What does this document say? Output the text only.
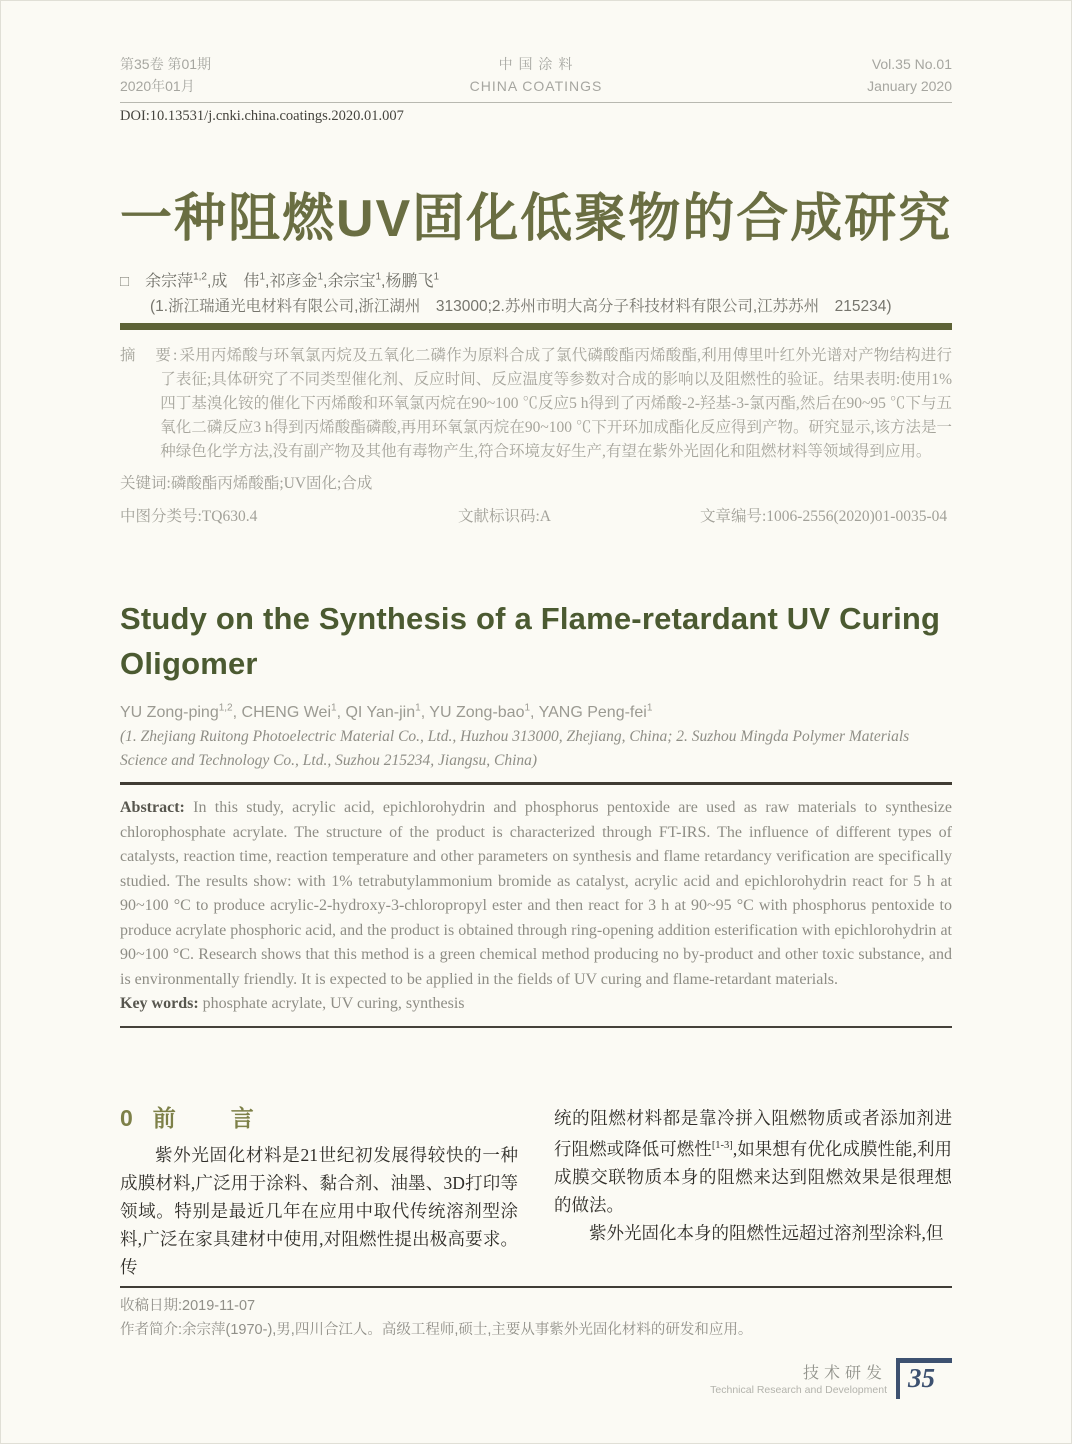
第35卷 第01期
2020年01月
中 国 涂 料
CHINA COATINGS
Vol.35 No.01
January 2020
DOI:10.13531/j.cnki.china.coatings.2020.01.007
一种阻燃UV固化低聚物的合成研究
□ 余宗萍$^{1,2}$,成　伟$^1$,祁彦金$^1$,余宗宝$^1$,杨鹏飞$^1$
(1.浙江瑞通光电材料有限公司,浙江湖州　313000;2.苏州市明大高分子科技材料有限公司,江苏苏州　215234)

摘　要:采用丙烯酸与环氧氯丙烷及五氧化二磷作为原料合成了氯代磷酸酯丙烯酸酯,利用傅里叶红外光谱对产物结构进行了表征;具体研究了不同类型催化剂、反应时间、反应温度等参数对合成的影响以及阻燃性的验证。结果表明:使用1%四丁基溴化铵的催化下丙烯酸和环氧氯丙烷在90~100 ℃反应5 h得到了丙烯酸-2-羟基-3-氯丙酯,然后在90~95 ℃下与五氧化二磷反应3 h得到丙烯酸酯磷酸,再用环氧氯丙烷在90~100 ℃下开环加成酯化反应得到产物。研究显示,该方法是一种绿色化学方法,没有副产物及其他有毒物产生,符合环境友好生产,有望在紫外光固化和阻燃材料等领域得到应用。

关键词:磷酸酯丙烯酸酯;UV固化;合成

中图分类号:TQ630.4	文献标识码:A	文章编号:1006-2556(2020)01-0035-04
Study on the Synthesis of a Flame-retardant UV Curing
Oligomer
YU Zong-ping$^{1,2}$, CHENG Wei$^1$, QI Yan-jin$^1$, YU Zong-bao$^1$, YANG Peng-fei$^1$
(1. Zhejiang Ruitong Photoelectric Material Co., Ltd., Huzhou 313000, Zhejiang, China; 2. Suzhou Mingda Polymer Materials Science and Technology Co., Ltd., Suzhou 215234, Jiangsu, China)

Abstract: In this study, acrylic acid, epichlorohydrin and phosphorus pentoxide are used as raw materials to synthesize chlorophosphate acrylate. The structure of the product is characterized through FT-IRS. The influence of different types of catalysts, reaction time, reaction temperature and other parameters on synthesis and flame retardancy verification are specifically studied. The results show: with 1% tetrabutylammonium bromide as catalyst, acrylic acid and epichlorohydrin react for 5 h at 90~100 °C to produce acrylic-2-hydroxy-3-chloropropyl ester and then react for 3 h at 90~95 °C with phosphorus pentoxide to produce acrylate phosphoric acid, and the product is obtained through ring-opening addition esterification with epichlorohydrin at 90~100 °C. Research shows that this method is a green chemical method producing no by-product and other toxic substance, and is environmentally friendly. It is expected to be applied in the fields of UV curing and flame-retardant materials.

Key words: phosphate acrylate, UV curing, synthesis

0 前　言

紫外光固化材料是21世纪初发展得较快的一种成膜材料,广泛用于涂料、黏合剂、油墨、3D打印等领域。特别是最近几年在应用中取代传统溶剂型涂料,广泛在家具建材中使用,对阻燃性提出极高要求。传

统的阻燃材料都是靠冷拼入阻燃物质或者添加剂进行阻燃或降低可燃性[1-3],如果想有优化成膜性能,利用成膜交联物质本身的阻燃来达到阻燃效果是很理想的做法。

紫外光固化本身的阻燃性远超过溶剂型涂料,但

收稿日期:2019-11-07
作者简介:余宗萍(1970-),男,四川合江人。高级工程师,硕士,主要从事紫外光固化材料的研发和应用。
技术研发
Technical Research and Development 35
